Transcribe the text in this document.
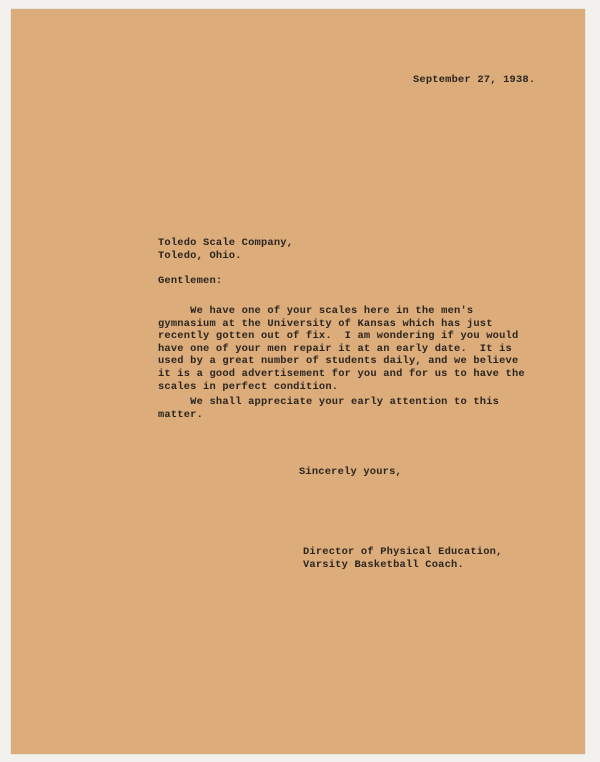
September 27, 1938.

Toledo Scale Company,
Toledo, Ohio.

Gentlemen:

We have one of your scales here in the men's
gymnasium at the University of Kansas which has just
recently gotten out of fix.  I am wondering if you would
have one of your men repair it at an early date.  It is
used by a great number of students daily, and we believe
it is a good advertisement for you and for us to have the
scales in perfect condition.
We shall appreciate your early attention to this
matter.

Sincerely yours,

Director of Physical Education,
Varsity Basketball Coach.
